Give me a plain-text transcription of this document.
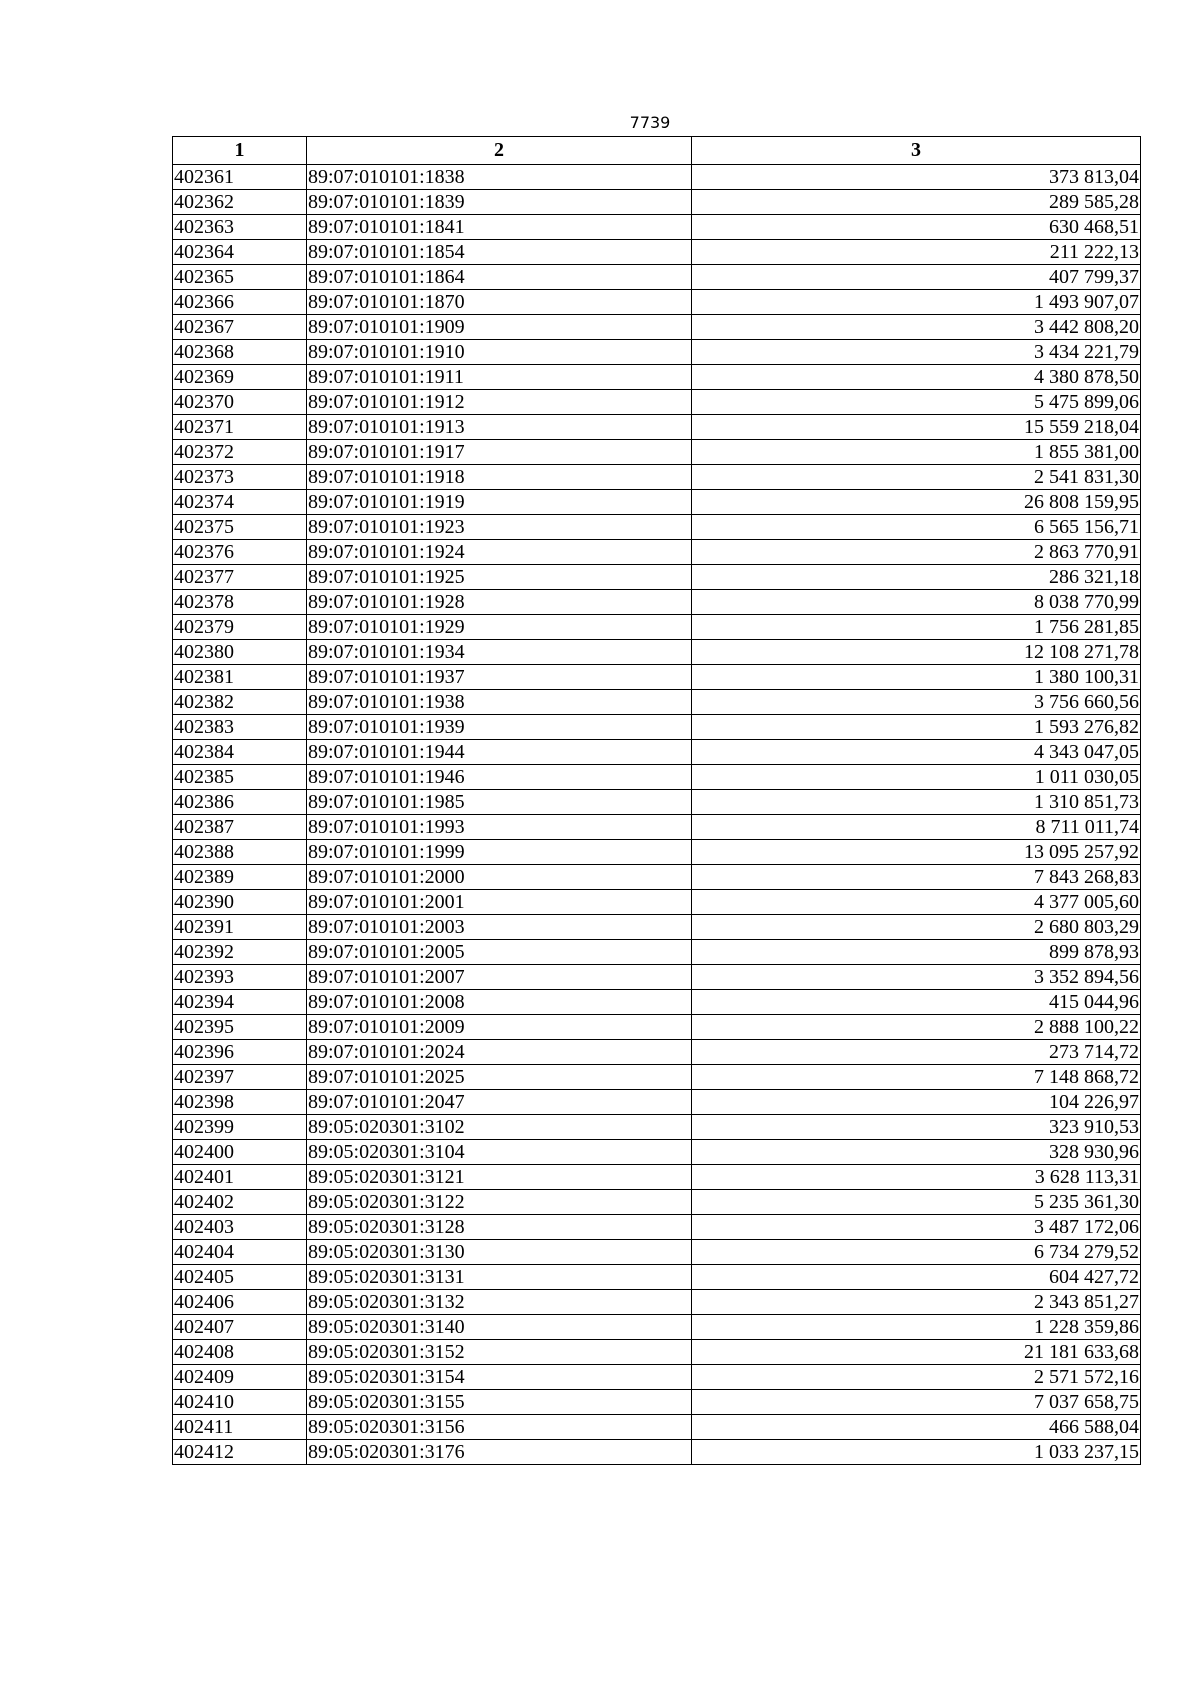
7739
1	2	3
402361	89:07:010101:1838	373 813,04
402362	89:07:010101:1839	289 585,28
402363	89:07:010101:1841	630 468,51
402364	89:07:010101:1854	211 222,13
402365	89:07:010101:1864	407 799,37
402366	89:07:010101:1870	1 493 907,07
402367	89:07:010101:1909	3 442 808,20
402368	89:07:010101:1910	3 434 221,79
402369	89:07:010101:1911	4 380 878,50
402370	89:07:010101:1912	5 475 899,06
402371	89:07:010101:1913	15 559 218,04
402372	89:07:010101:1917	1 855 381,00
402373	89:07:010101:1918	2 541 831,30
402374	89:07:010101:1919	26 808 159,95
402375	89:07:010101:1923	6 565 156,71
402376	89:07:010101:1924	2 863 770,91
402377	89:07:010101:1925	286 321,18
402378	89:07:010101:1928	8 038 770,99
402379	89:07:010101:1929	1 756 281,85
402380	89:07:010101:1934	12 108 271,78
402381	89:07:010101:1937	1 380 100,31
402382	89:07:010101:1938	3 756 660,56
402383	89:07:010101:1939	1 593 276,82
402384	89:07:010101:1944	4 343 047,05
402385	89:07:010101:1946	1 011 030,05
402386	89:07:010101:1985	1 310 851,73
402387	89:07:010101:1993	8 711 011,74
402388	89:07:010101:1999	13 095 257,92
402389	89:07:010101:2000	7 843 268,83
402390	89:07:010101:2001	4 377 005,60
402391	89:07:010101:2003	2 680 803,29
402392	89:07:010101:2005	899 878,93
402393	89:07:010101:2007	3 352 894,56
402394	89:07:010101:2008	415 044,96
402395	89:07:010101:2009	2 888 100,22
402396	89:07:010101:2024	273 714,72
402397	89:07:010101:2025	7 148 868,72
402398	89:07:010101:2047	104 226,97
402399	89:05:020301:3102	323 910,53
402400	89:05:020301:3104	328 930,96
402401	89:05:020301:3121	3 628 113,31
402402	89:05:020301:3122	5 235 361,30
402403	89:05:020301:3128	3 487 172,06
402404	89:05:020301:3130	6 734 279,52
402405	89:05:020301:3131	604 427,72
402406	89:05:020301:3132	2 343 851,27
402407	89:05:020301:3140	1 228 359,86
402408	89:05:020301:3152	21 181 633,68
402409	89:05:020301:3154	2 571 572,16
402410	89:05:020301:3155	7 037 658,75
402411	89:05:020301:3156	466 588,04
402412	89:05:020301:3176	1 033 237,15
